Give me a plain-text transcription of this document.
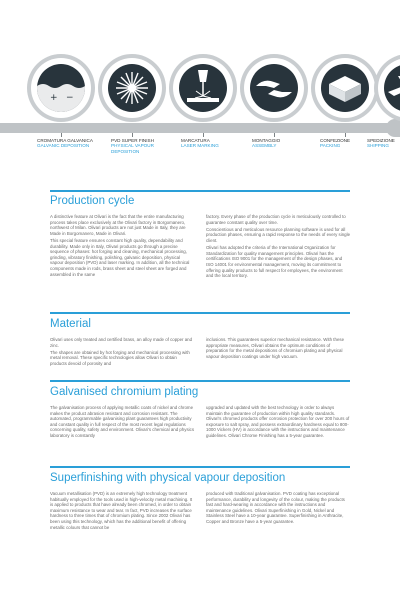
+ −
CROMATURA GALVANICA
GALVANIC DEPOSITION
PVD SUPER FINISH
PHYSICAL VAPOUR DEPOSITION
MARCATURA
LASER MARKING
MONTAGGIO
ASSEMBLY
CONFEZIONE
PACKING
SPEDIZIONE
SHIPPING
Production cycle

A distinctive feature at Olivari is the fact that the entire manufacturing process takes place exclusively at the Olivari factory in Borgomanero, northwest of Milan. Olivari products are not just Made in Italy, they are Made in Borgomanero, Made in Olivari.

This special feature ensures constant high quality, dependability and durability. Made only in Italy, Olivari products go through a precise sequence of phases: hot forging and cleaning, mechanical processing, grinding, vibratory finishing, polishing, galvanic deposition, physical vapour deposition (PVD) and laser marking. In addition, all the technical components made in rods, brass sheet and steel sheet are forged and assembled in the same

factory. Every phase of the production cycle is meticulously controlled to guarantee constant quality over time.

Conscientious and meticulous resource planning software is used for all production phases, ensuring a rapid response to the needs of every single client.

Olivari has adopted the criteria of the International Organization for Standardization for quality management principles. Olivari has the certifications ISO 9001 for the management of the design phases, and ISO 14001 for environmental management, moving its commitment to offering quality products to full respect for employees, the environment and the local territory.

Material

Olivari uses only treated and certified brass, an alloy made of copper and zinc.

The shapes are obtained by hot forging and mechanical processing with metal removal. These specific technologies allow Olivari to obtain products devoid of porosity and

inclusions. This guarantees superior mechanical resistance. With these appropriate measures, Olivari obtains the optimum conditions of preparation for the metal depositions of chromium plating and physical vapour deposition coatings under high vacuum.

Galvanised chromium plating

The galvanisation process of applying metallic coats of nickel and chrome makes the product abrasion resistant and corrosion resistant. The automated, programmable galvanising plant guarantees high productivity and constant quality in full respect of the most recent legal regulations concerning quality, safety and environment. Olivari's chemical and physics laboratory is constantly

upgraded and updated with the best technology in order to always maintain the guarantee of production within high quality standards. Olivari's chromed products offer corrosion protection for over 200 hours of exposure to salt spray, and possess extraordinary hardness equal to 800-1000 Vickers (HV) in accordance with the instructions and maintenance guidelines. Olivari Chrome Finishing has a 5-year guarantee.

Superfinishing with physical vapour deposition

Vacuum metallisation (PVD) is an extremely high technology treatment habitually employed for the tools used in high-velocity metal machining. It is applied to products that have already been chromed, in order to obtain maximum resistance to wear and tear. In fact, PVD increases the surface hardness to three times that of chromium plating. Since 2002 Olivari has been using this technology, which has the additional benefit of offering metallic colours that cannot be

produced with traditional galvanisation. PVD coating has exceptional performance, durability and longevity of the colour, making the products fast and hard-wearing in accordance with the instructions and maintenance guidelines. Olivari Superfinishing in Gold, Nickel and Stainless Steel have a 10-year guarantee. Superfinishing in Anthracite, Copper and Bronze have a 5-year guarantee.
